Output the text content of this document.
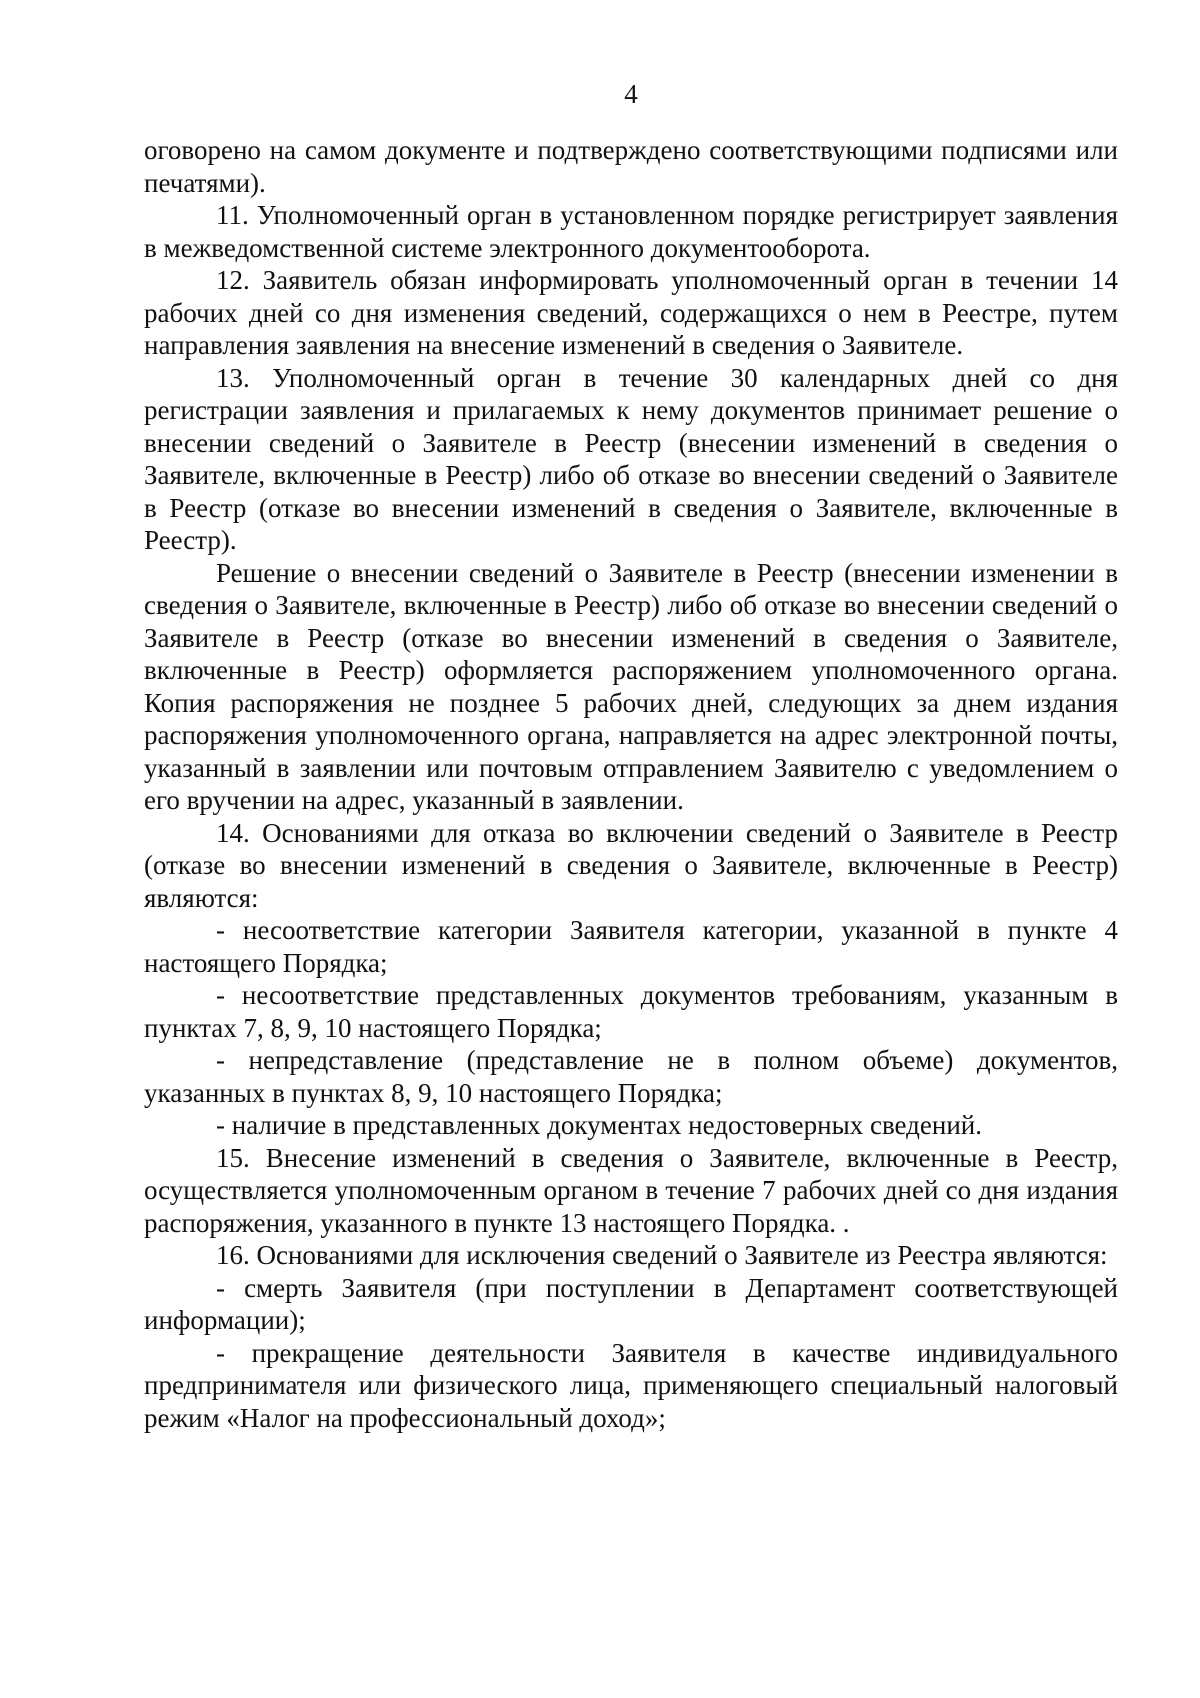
4

оговорено на самом документе и подтверждено соответствующими подписями или печатями).

11. Уполномоченный орган в установленном порядке регистрирует заявления в межведомственной системе электронного документооборота.

12. Заявитель обязан информировать уполномоченный орган в течении 14 рабочих дней со дня изменения сведений, содержащихся о нем в Реестре, путем направления заявления на внесение изменений в сведения о Заявителе.

13. Уполномоченный орган в течение 30 календарных дней со дня регистрации заявления и прилагаемых к нему документов принимает решение о внесении сведений о Заявителе в Реестр (внесении изменений в сведения о Заявителе, включенные в Реестр) либо об отказе во внесении сведений о Заявителе в Реестр (отказе во внесении изменений в сведения о Заявителе, включенные в Реестр).

Решение о внесении сведений о Заявителе в Реестр (внесении изменении в сведения о Заявителе, включенные в Реестр) либо об отказе во внесении сведений о Заявителе в Реестр (отказе во внесении изменений в сведения о Заявителе, включенные в Реестр) оформляется распоряжением уполномоченного органа. Копия распоряжения не позднее 5 рабочих дней, следующих за днем издания распоряжения уполномоченного органа, направляется на адрес электронной почты, указанный в заявлении или почтовым отправлением Заявителю с уведомлением о его вручении на адрес, указанный в заявлении.

14. Основаниями для отказа во включении сведений о Заявителе в Реестр (отказе во внесении изменений в сведения о Заявителе, включенные в Реестр) являются:

- несоответствие категории Заявителя категории, указанной в пункте 4 настоящего Порядка;

- несоответствие представленных документов требованиям, указанным в пунктах 7, 8, 9, 10 настоящего Порядка;

- непредставление (представление не в полном объеме) документов, указанных в пунктах 8, 9, 10 настоящего Порядка;

- наличие в представленных документах недостоверных сведений.

15. Внесение изменений в сведения о Заявителе, включенные в Реестр, осуществляется уполномоченным органом в течение 7 рабочих дней со дня издания распоряжения, указанного в пункте 13 настоящего Порядка. .

16. Основаниями для исключения сведений о Заявителе из Реестра являются:

- смерть Заявителя (при поступлении в Департамент соответствующей информации);

- прекращение деятельности Заявителя в качестве индивидуального предпринимателя или физического лица, применяющего специальный налоговый режим «Налог на профессиональный доход»;
